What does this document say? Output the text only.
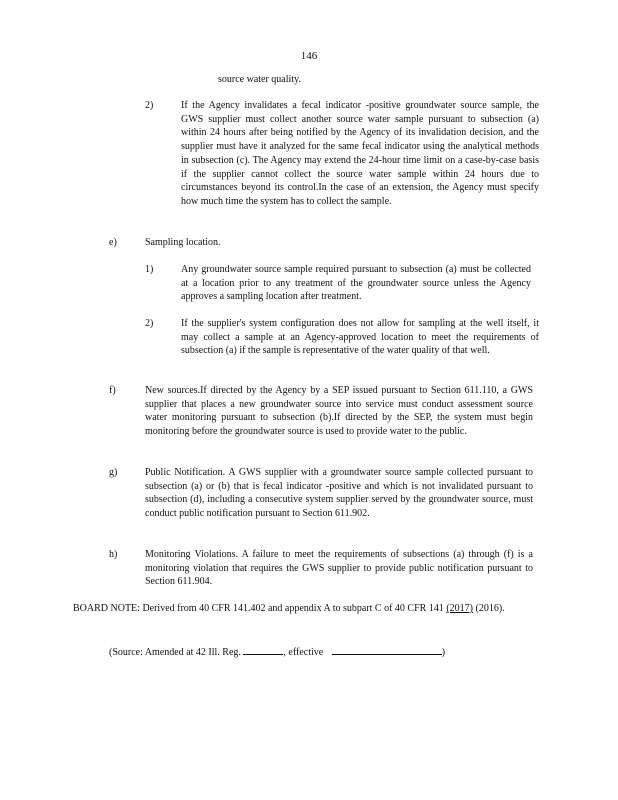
146
source water quality.
2)	If the Agency invalidates a fecal indicator -positive groundwater source sample, the GWS supplier must collect another source water sample pursuant to subsection (a) within 24 hours after being notified by the Agency of its invalidation decision, and the supplier must have it analyzed for the same fecal indicator using the analytical methods in subsection (c). The Agency may extend the 24-hour time limit on a case-by-case basis if the supplier cannot collect the source water sample within 24 hours due to circumstances beyond its control.In the case of an extension, the Agency must specify how much time the system has to collect the sample.
e)	Sampling location.
1)	Any groundwater source sample required pursuant to subsection (a) must be collected at a location prior to any treatment of the groundwater source unless the Agency approves a sampling location after treatment.
2)	If the supplier's system configuration does not allow for sampling at the well itself, it may collect a sample at an Agency-approved location to meet the requirements of subsection (a) if the sample is representative of the water quality of that well.
f)	New sources.If directed by the Agency by a SEP issued pursuant to Section 611.110, a GWS supplier that places a new groundwater source into service must conduct assessment source water monitoring pursuant to subsection (b).If directed by the SEP, the system must begin monitoring before the groundwater source is used to provide water to the public.
g)	Public Notification. A GWS supplier with a groundwater source sample collected pursuant to subsection (a) or (b) that is fecal indicator -positive and which is not invalidated pursuant to subsection (d), including a consecutive system supplier served by the groundwater source, must conduct public notification pursuant to Section 611.902.
h)	Monitoring Violations. A failure to meet the requirements of subsections (a) through (f) is a monitoring violation that requires the GWS supplier to provide public notification pursuant to Section 611.904.
BOARD NOTE: Derived from 40 CFR 141.402 and appendix A to subpart C of 40 CFR 141 (2017) (2016).
(Source: Amended at 42 Ill. Reg.	, effective	)
